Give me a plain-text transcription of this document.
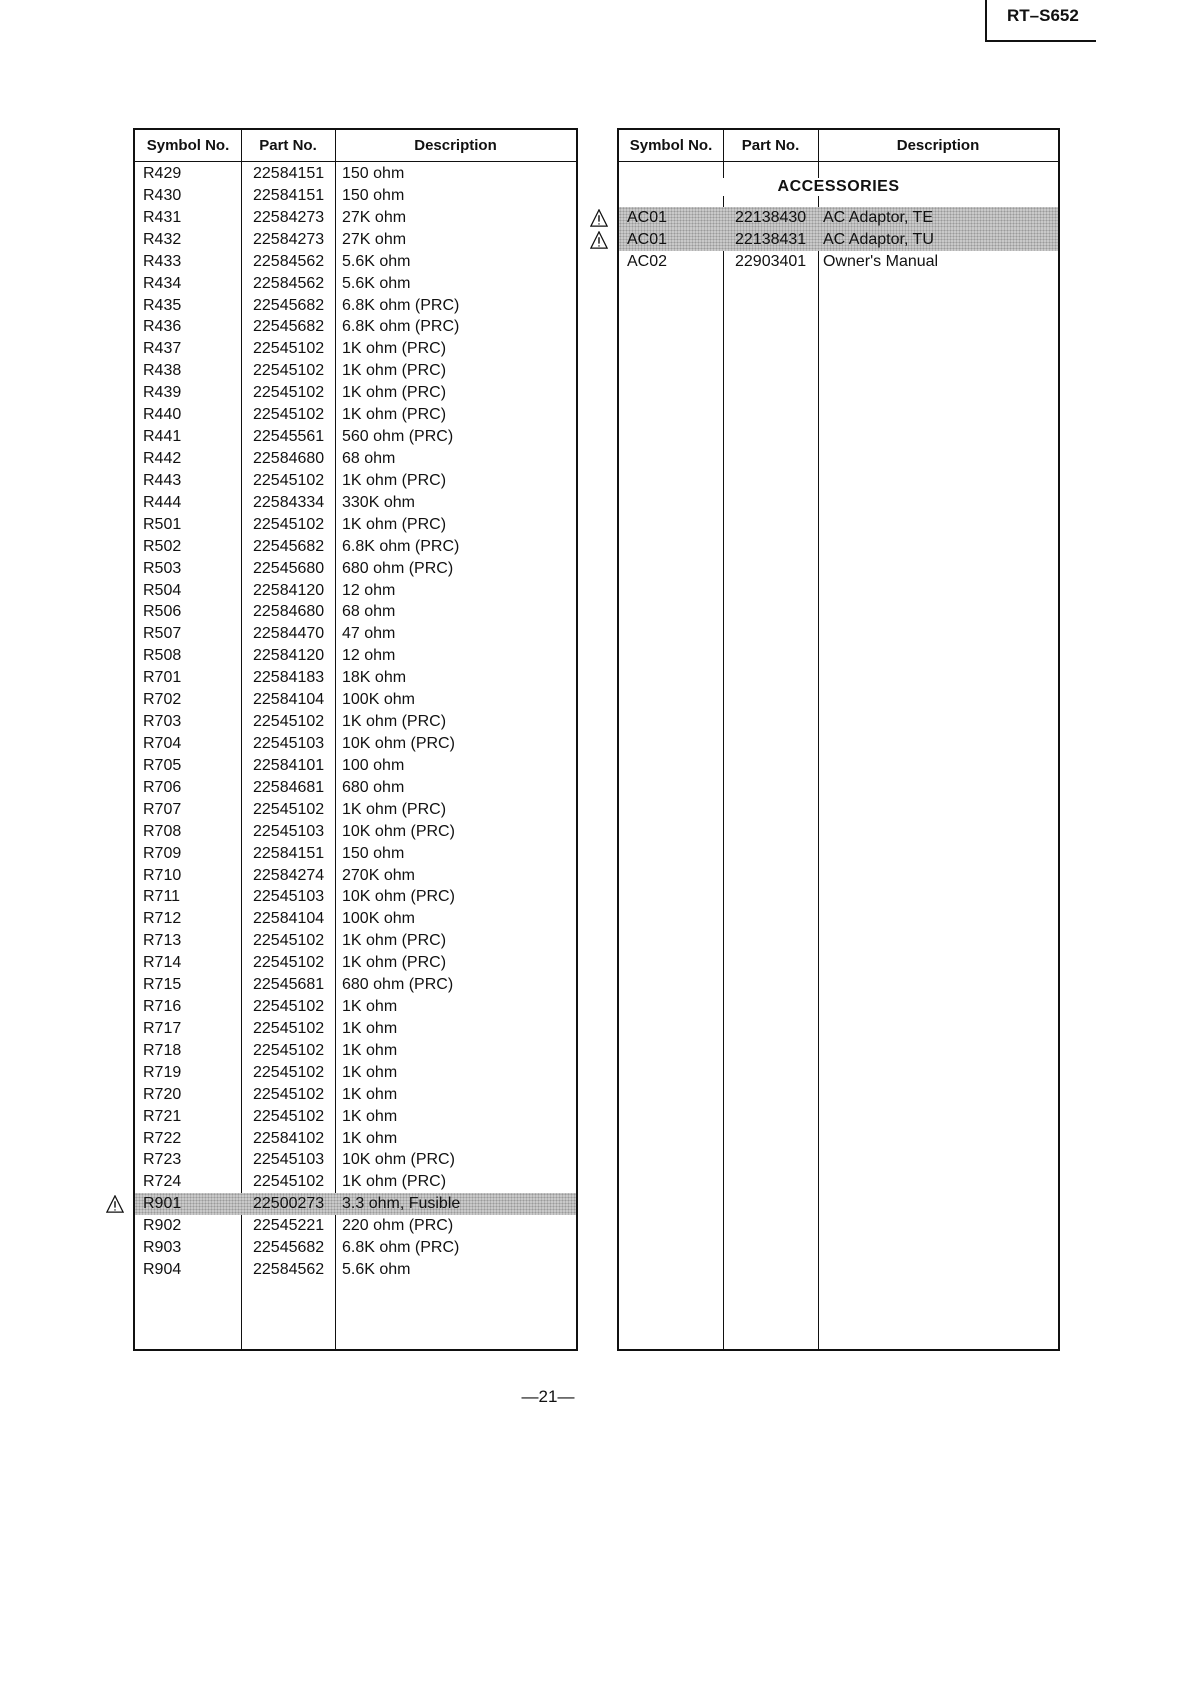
RT–S652
Symbol No.	Part No.	Description
R429	22584151 150 ohm
R430	22584151 150 ohm
R431	22584273 27K ohm
R432	22584273 27K ohm
R433	22584562 5.6K ohm
R434	22584562 5.6K ohm
R435	22545682 6.8K ohm (PRC)
R436	22545682 6.8K ohm (PRC)
R437	22545102 1K ohm (PRC)
R438	22545102 1K ohm (PRC)
R439	22545102 1K ohm (PRC)
R440	22545102 1K ohm (PRC)
R441	22545561 560 ohm (PRC)
R442	22584680 68 ohm
R443	22545102 1K ohm (PRC)
R444	22584334 330K ohm
R501	22545102 1K ohm (PRC)
R502	22545682 6.8K ohm (PRC)
R503	22545680 680 ohm (PRC)
R504	22584120 12 ohm
R506	22584680 68 ohm
R507	22584470 47 ohm
R508	22584120 12 ohm
R701	22584183 18K ohm
R702	22584104 100K ohm
R703	22545102 1K ohm (PRC)
R704	22545103 10K ohm (PRC)
R705	22584101 100 ohm
R706	22584681 680 ohm
R707	22545102 1K ohm (PRC)
R708	22545103 10K ohm (PRC)
R709	22584151 150 ohm
R710	22584274 270K ohm
R711	22545103 10K ohm (PRC)
R712	22584104 100K ohm
R713	22545102 1K ohm (PRC)
R714	22545102 1K ohm (PRC)
R715	22545681 680 ohm (PRC)
R716	22545102 1K ohm
R717	22545102 1K ohm
R718	22545102 1K ohm
R719	22545102 1K ohm
R720	22545102 1K ohm
R721	22545102 1K ohm
R722	22584102 1K ohm
R723	22545103 10K ohm (PRC)
R724	22545102 1K ohm (PRC)
R901	22500273 3.3 ohm, Fusible
R902	22545221 220 ohm (PRC)
R903	22545682 6.8K ohm (PRC)
R904	22584562 5.6K ohm
Symbol No.	Part No.	Description
ACCESSORIES
AC01	22138430 AC Adaptor, TE
AC01	22138431 AC Adaptor, TU
AC02	22903401 Owner's Manual
—21—
